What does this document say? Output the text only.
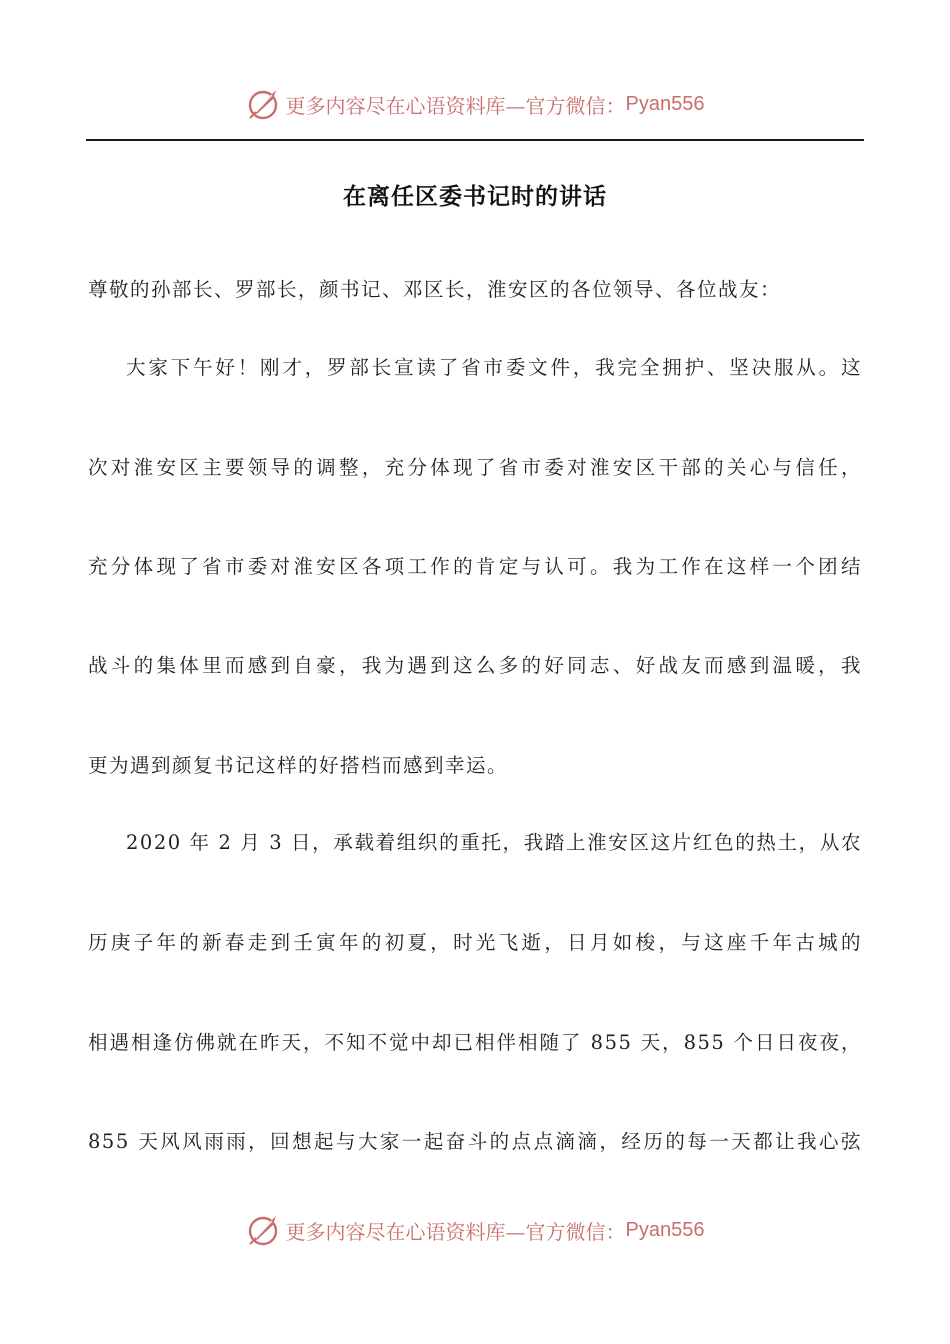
更多内容尽在心语资料库—官方微信： Pyan556
在离任区委书记时的讲话
尊敬的孙部长、罗部长，颜书记、邓区长，淮安区的各位领导、各位战友：
大家下午好！刚才，罗部长宣读了省市委文件，我完全拥护、坚决服从。这
次对淮安区主要领导的调整，充分体现了省市委对淮安区干部的关心与信任，
充分体现了省市委对淮安区各项工作的肯定与认可。我为工作在这样一个团结
战斗的集体里而感到自豪，我为遇到这么多的好同志、好战友而感到温暖，我
更为遇到颜复书记这样的好搭档而感到幸运。
2020 年 2 月 3 日，承载着组织的重托，我踏上淮安区这片红色的热土，从农
历庚子年的新春走到壬寅年的初夏，时光飞逝，日月如梭，与这座千年古城的
相遇相逢仿佛就在昨天，不知不觉中却已相伴相随了 855 天，855 个日日夜夜，
855 天风风雨雨，回想起与大家一起奋斗的点点滴滴，经历的每一天都让我心弦
更多内容尽在心语资料库—官方微信： Pyan556
